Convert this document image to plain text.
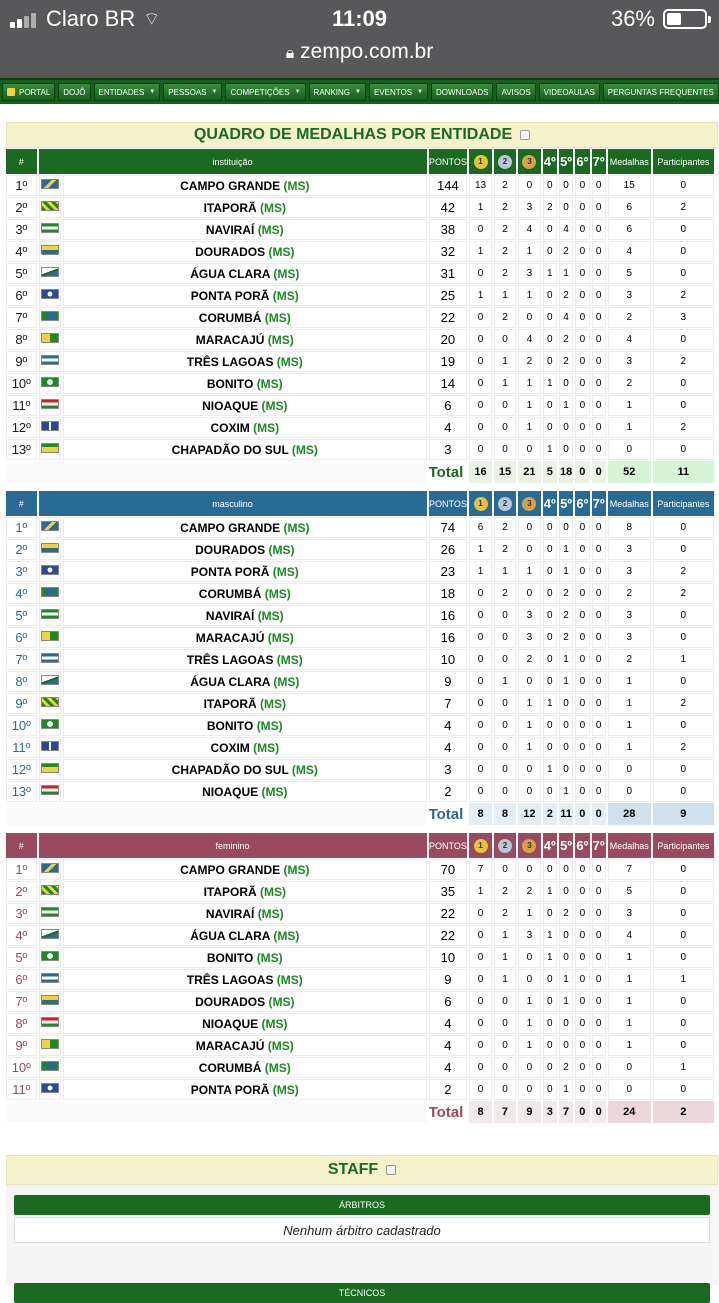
Claro BR ⌔	11:09	36%
🔒︎ zempo.com.br
PORTAL DOJÔ ENTIDADES ▼ PESSOAS ▼ COMPETIÇÕES ▼ RANKING ▼ EVENTOS ▼ DOWNLOADS AVISOS VIDEOAULAS PERGUNTAS FREQUENTES
QUADRO DE MEDALHAS POR ENTIDADE
#	instituição		PONTOS	1	2	3	4º	5º	6º	7º	Medalhas	Participantes
1º		CAMPO GRANDE (MS)	144	13	2	0	0	0	0	0	15	0
2º		ITAPORÃ (MS)	42	1	2	3	2	0	0	0	6	2
3º		NAVIRAÍ (MS)	38	0	2	4	0	4	0	0	6	0
4º		DOURADOS (MS)	32	1	2	1	0	2	0	0	4	0
5º		ÁGUA CLARA (MS)	31	0	2	3	1	1	0	0	5	0
6º		PONTA PORÃ (MS)	25	1	1	1	0	2	0	0	3	2
7º		CORUMBÁ (MS)	22	0	2	0	0	4	0	0	2	3
8º		MARACAJÚ (MS)	20	0	0	4	0	2	0	0	4	0
9º		TRÊS LAGOAS (MS)	19	0	1	2	0	2	0	0	3	2
10º		BONITO (MS)	14	0	1	1	1	0	0	0	2	0
11º		NIOAQUE (MS)	6	0	0	1	0	1	0	0	1	0
12º		COXIM (MS)	4	0	0	1	0	0	0	0	1	2
13º		CHAPADÃO DO SUL (MS)	3	0	0	0	1	0	0	0	0	0
			Total	16	15	21	5	18	0	0	52	11
#	masculino		PONTOS	1	2	3	4º	5º	6º	7º	Medalhas	Participantes
1º		CAMPO GRANDE (MS)	74	6	2	0	0	0	0	0	8	0
2º		DOURADOS (MS)	26	1	2	0	0	1	0	0	3	0
3º		PONTA PORÃ (MS)	23	1	1	1	0	1	0	0	3	2
4º		CORUMBÁ (MS)	18	0	2	0	0	2	0	0	2	2
5º		NAVIRAÍ (MS)	16	0	0	3	0	2	0	0	3	0
6º		MARACAJÚ (MS)	16	0	0	3	0	2	0	0	3	0
7º		TRÊS LAGOAS (MS)	10	0	0	2	0	1	0	0	2	1
8º		ÁGUA CLARA (MS)	9	0	1	0	0	1	0	0	1	0
9º		ITAPORÃ (MS)	7	0	0	1	1	0	0	0	1	2
10º		BONITO (MS)	4	0	0	1	0	0	0	0	1	0
11º		COXIM (MS)	4	0	0	1	0	0	0	0	1	2
12º		CHAPADÃO DO SUL (MS)	3	0	0	0	1	0	0	0	0	0
13º		NIOAQUE (MS)	2	0	0	0	0	1	0	0	0	0
			Total	8	8	12	2	11	0	0	28	9
#	feminino		PONTOS	1	2	3	4º	5º	6º	7º	Medalhas	Participantes
1º		CAMPO GRANDE (MS)	70	7	0	0	0	0	0	0	7	0
2º		ITAPORÃ (MS)	35	1	2	2	1	0	0	0	5	0
3º		NAVIRAÍ (MS)	22	0	2	1	0	2	0	0	3	0
4º		ÁGUA CLARA (MS)	22	0	1	3	1	0	0	0	4	0
5º		BONITO (MS)	10	0	1	0	1	0	0	0	1	0
6º		TRÊS LAGOAS (MS)	9	0	1	0	0	1	0	0	1	1
7º		DOURADOS (MS)	6	0	0	1	0	1	0	0	1	0
8º		NIOAQUE (MS)	4	0	0	1	0	0	0	0	1	0
9º		MARACAJÚ (MS)	4	0	0	1	0	0	0	0	1	0
10º		CORUMBÁ (MS)	4	0	0	0	0	2	0	0	0	1
11º		PONTA PORÃ (MS)	2	0	0	0	0	1	0	0	0	0
			Total	8	7	9	3	7	0	0	24	2
STAFF
ÁRBITROS
Nenhum árbitro cadastrado
TÉCNICOS
